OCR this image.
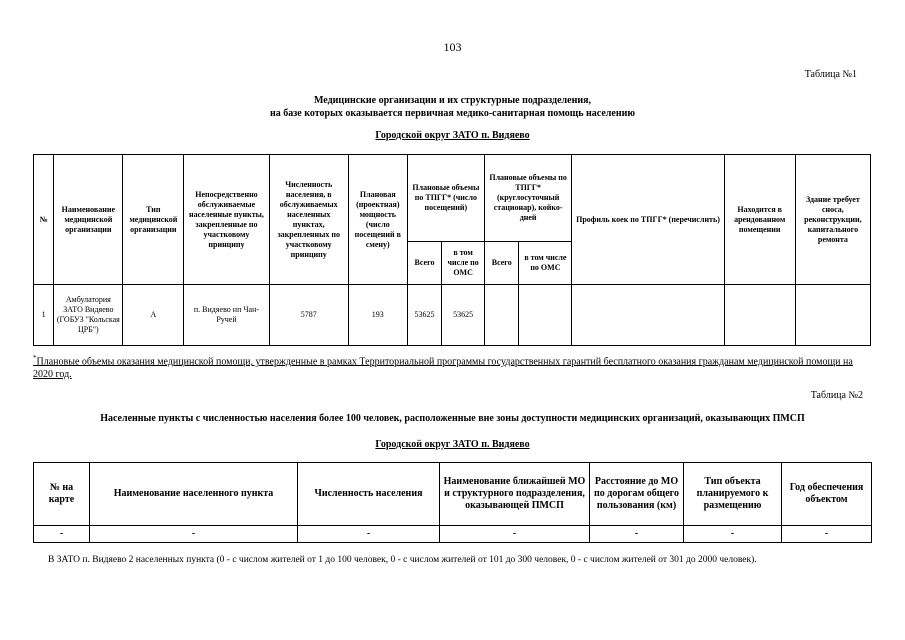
103
Таблица №1
Медицинские организации и их структурные подразделения,
на базе которых оказывается первичная медико-санитарная помощь населению
Городской округ ЗАТО п. Видяево
№	Наименование медицинской организации	Тип медицинской организации	Непосредственно обслуживаемые населенные пункты, закрепленные по участковому принципу	Численность населения, в обслуживаемых населенных пунктах, закрепленных по участковому принципу	Плановая (проектная) мощность (число посещений в смену)	Плановые объемы по ТПГГ* (число посещений)		Плановые объемы по ТПГГ* (круглосуточный стационар), койко-дней		Профиль коек по ТПГГ* (перечислить)	Находится в арендованном помещении	Здание требует сноса, реконструкции, капитального ремонта
						Всего	в том числе по ОМС	Всего	в том числе по ОМС			
1	Амбулатория ЗАТО Видяево (ГОБУЗ "Кольская ЦРБ")	А	п. Видяево нп Чан-Ручей	5787	193	53625	53625					
*Плановые объемы оказания медицинской помощи, утвержденные в рамках Территориальной программы государственных гарантий бесплатного оказания гражданам медицинской помощи на 2020 год.
Таблица №2
Населенные пункты с численностью населения более 100 человек, расположенные вне зоны доступности медицинских организаций, оказывающих ПМСП
Городской округ ЗАТО п. Видяево
№ на карте	Наименование населенного пункта	Численность населения	Наименование ближайшей МО и структурного подразделения, оказывающей ПМСП	Расстояние до МО по дорогам общего пользования (км)	Тип объекта планируемого к размещению	Год обеспечения объектом
-	-	-	-	-	-	-
В ЗАТО п. Видяево 2 населенных пункта (0 - с числом жителей от 1 до 100 человек, 0 - с числом жителей от 101 до 300 человек, 0 - с числом жителей от 301 до 2000 человек).
